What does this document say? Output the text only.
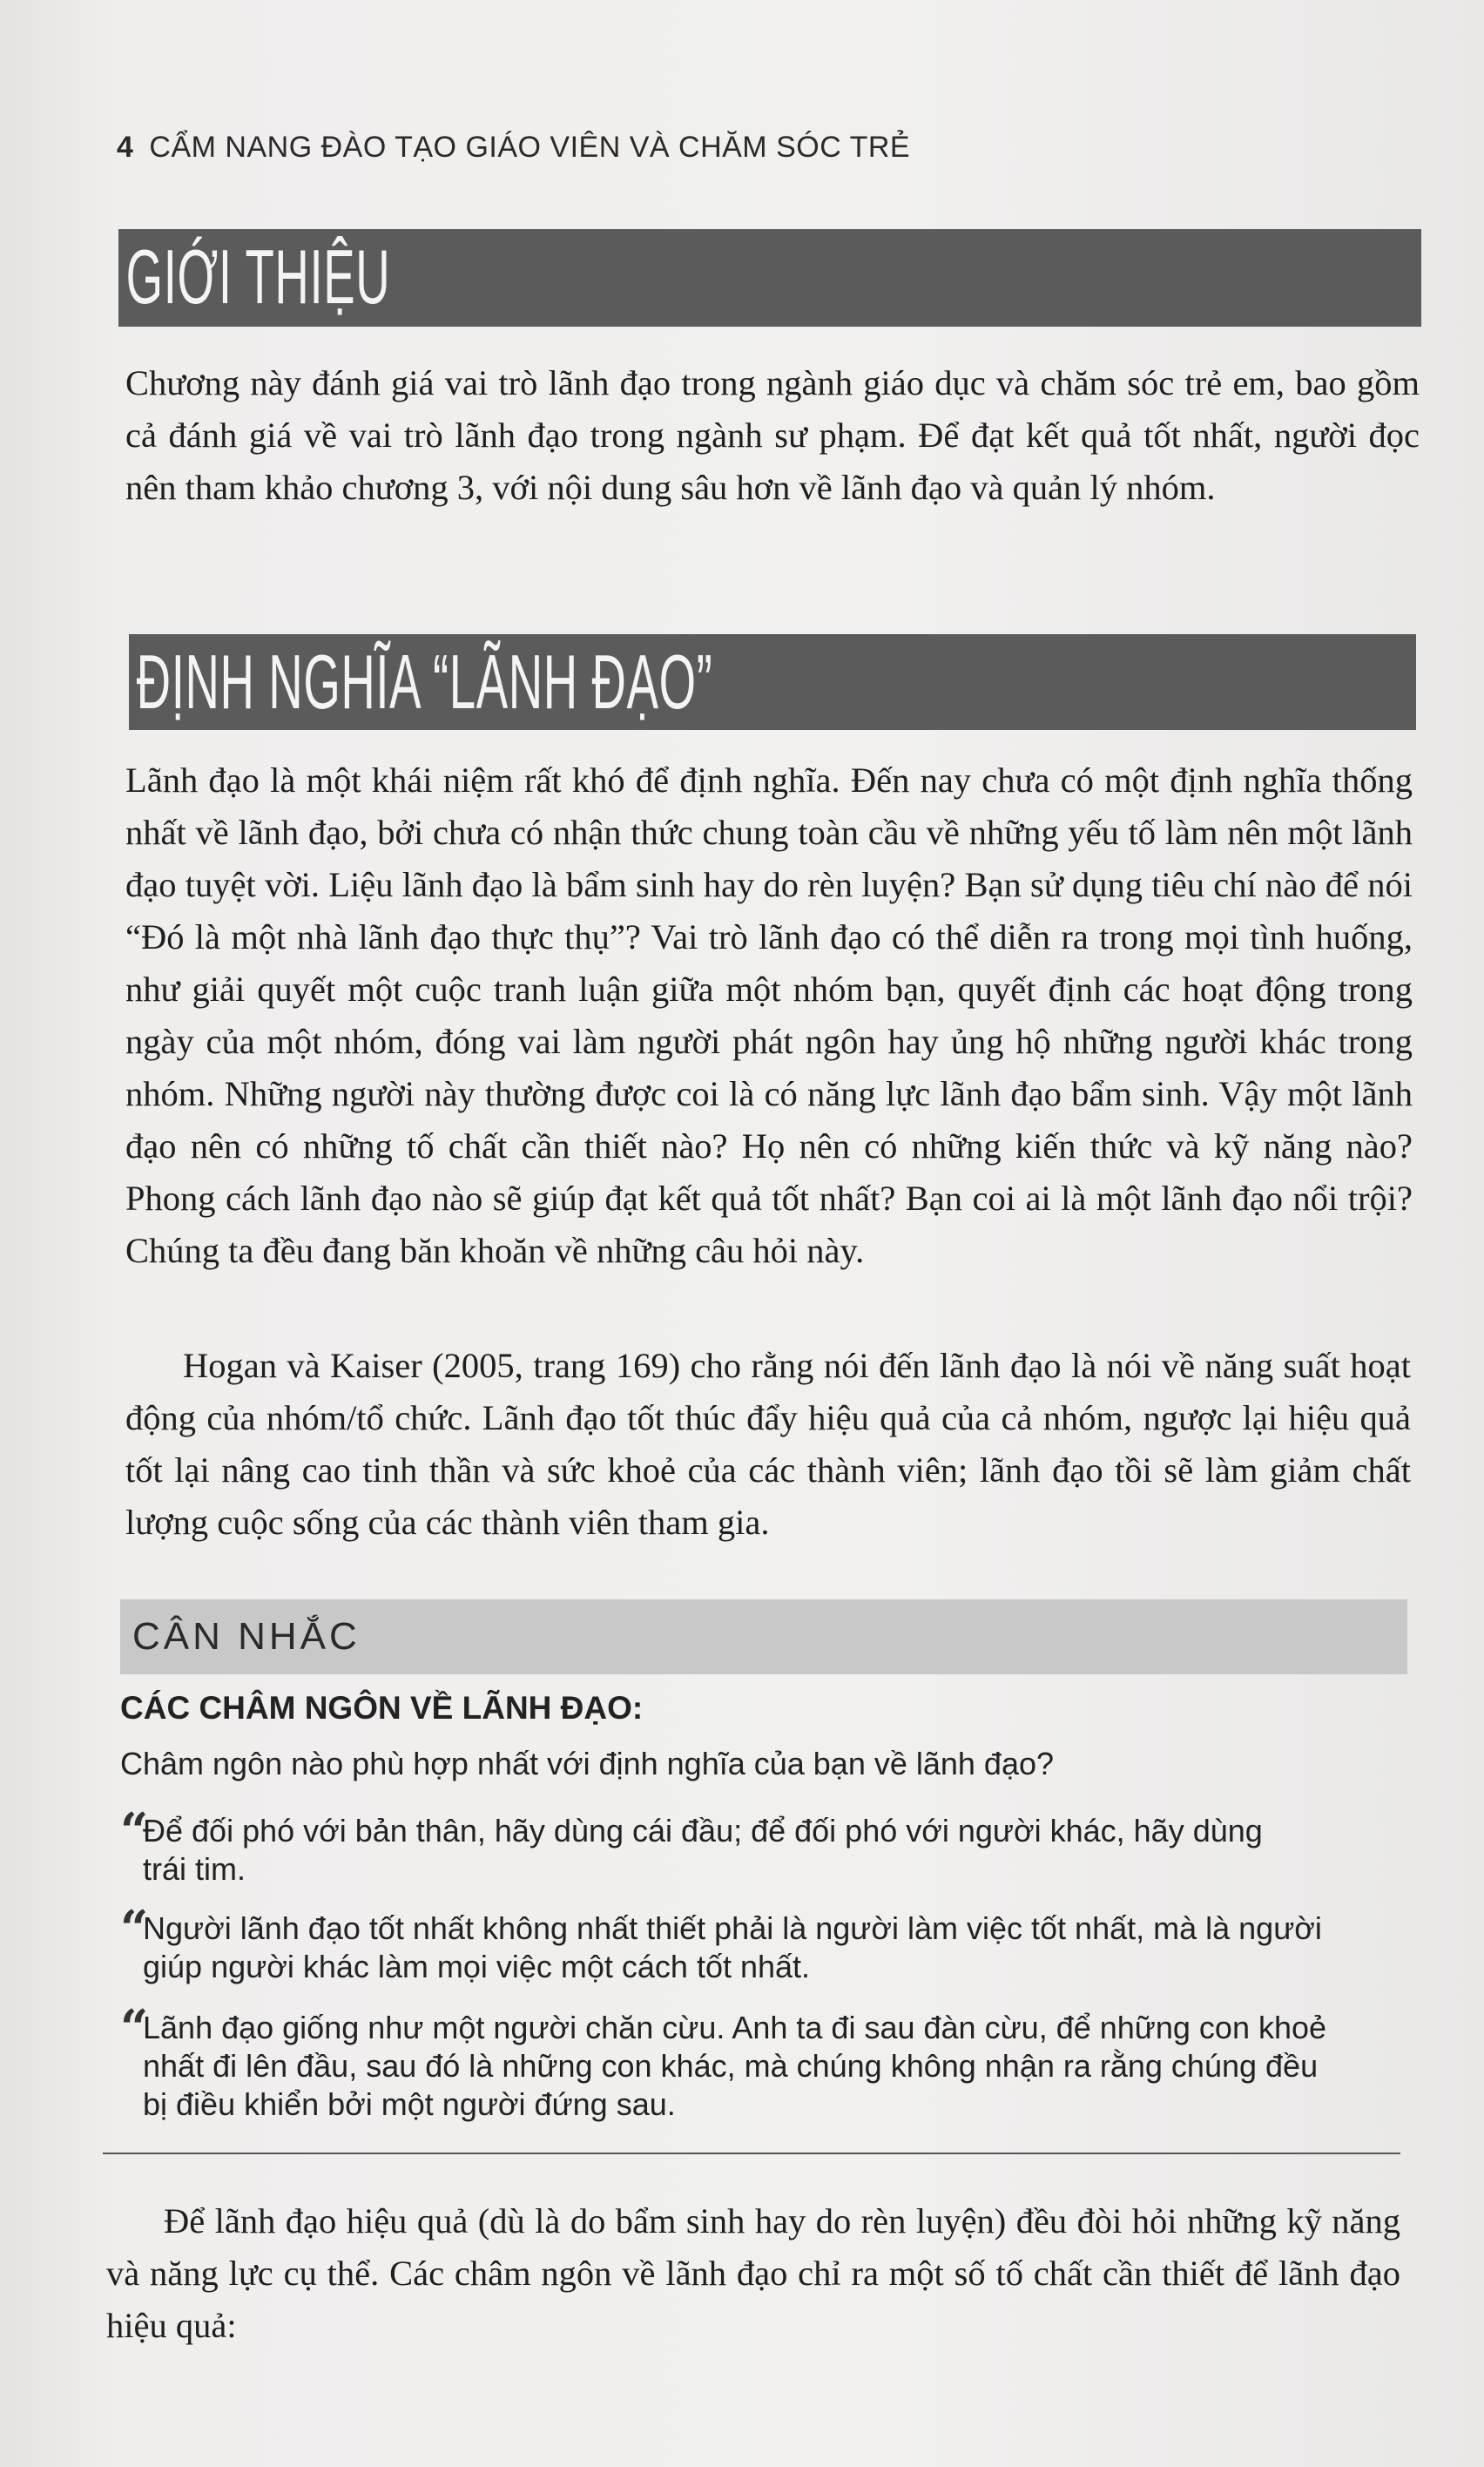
4 CẨM NANG ĐÀO TẠO GIÁO VIÊN VÀ CHĂM SÓC TRẺ
GIỚI THIỆU

Chương này đánh giá vai trò lãnh đạo trong ngành giáo dục và chăm sóc trẻ em, bao gồm cả đánh giá về vai trò lãnh đạo trong ngành sư phạm. Để đạt kết quả tốt nhất, người đọc nên tham khảo chương 3, với nội dung sâu hơn về lãnh đạo và quản lý nhóm.

ĐỊNH NGHĨA “LÃNH ĐẠO”

Lãnh đạo là một khái niệm rất khó để định nghĩa. Đến nay chưa có một định nghĩa thống nhất về lãnh đạo, bởi chưa có nhận thức chung toàn cầu về những yếu tố làm nên một lãnh đạo tuyệt vời. Liệu lãnh đạo là bẩm sinh hay do rèn luyện? Bạn sử dụng tiêu chí nào để nói “Đó là một nhà lãnh đạo thực thụ”? Vai trò lãnh đạo có thể diễn ra trong mọi tình huống, như giải quyết một cuộc tranh luận giữa một nhóm bạn, quyết định các hoạt động trong ngày của một nhóm, đóng vai làm người phát ngôn hay ủng hộ những người khác trong nhóm. Những người này thường được coi là có năng lực lãnh đạo bẩm sinh. Vậy một lãnh đạo nên có những tố chất cần thiết nào? Họ nên có những kiến thức và kỹ năng nào? Phong cách lãnh đạo nào sẽ giúp đạt kết quả tốt nhất? Bạn coi ai là một lãnh đạo nổi trội? Chúng ta đều đang băn khoăn về những câu hỏi này.

Hogan và Kaiser (2005, trang 169) cho rằng nói đến lãnh đạo là nói về năng suất hoạt động của nhóm/tổ chức. Lãnh đạo tốt thúc đẩy hiệu quả của cả nhóm, ngược lại hiệu quả tốt lại nâng cao tinh thần và sức khoẻ của các thành viên; lãnh đạo tồi sẽ làm giảm chất lượng cuộc sống của các thành viên tham gia.

CÂN NHẮC
CÁC CHÂM NGÔN VỀ LÃNH ĐẠO:
Châm ngôn nào phù hợp nhất với định nghĩa của bạn về lãnh đạo?
“
Để đối phó với bản thân, hãy dùng cái đầu; để đối phó với người khác, hãy dùng
trái tim.
“
Người lãnh đạo tốt nhất không nhất thiết phải là người làm việc tốt nhất, mà là người
giúp người khác làm mọi việc một cách tốt nhất.
“
Lãnh đạo giống như một người chăn cừu. Anh ta đi sau đàn cừu, để những con khoẻ
nhất đi lên đầu, sau đó là những con khác, mà chúng không nhận ra rằng chúng đều
bị điều khiển bởi một người đứng sau.

Để lãnh đạo hiệu quả (dù là do bẩm sinh hay do rèn luyện) đều đòi hỏi những kỹ năng và năng lực cụ thể. Các châm ngôn về lãnh đạo chỉ ra một số tố chất cần thiết để lãnh đạo hiệu quả:
